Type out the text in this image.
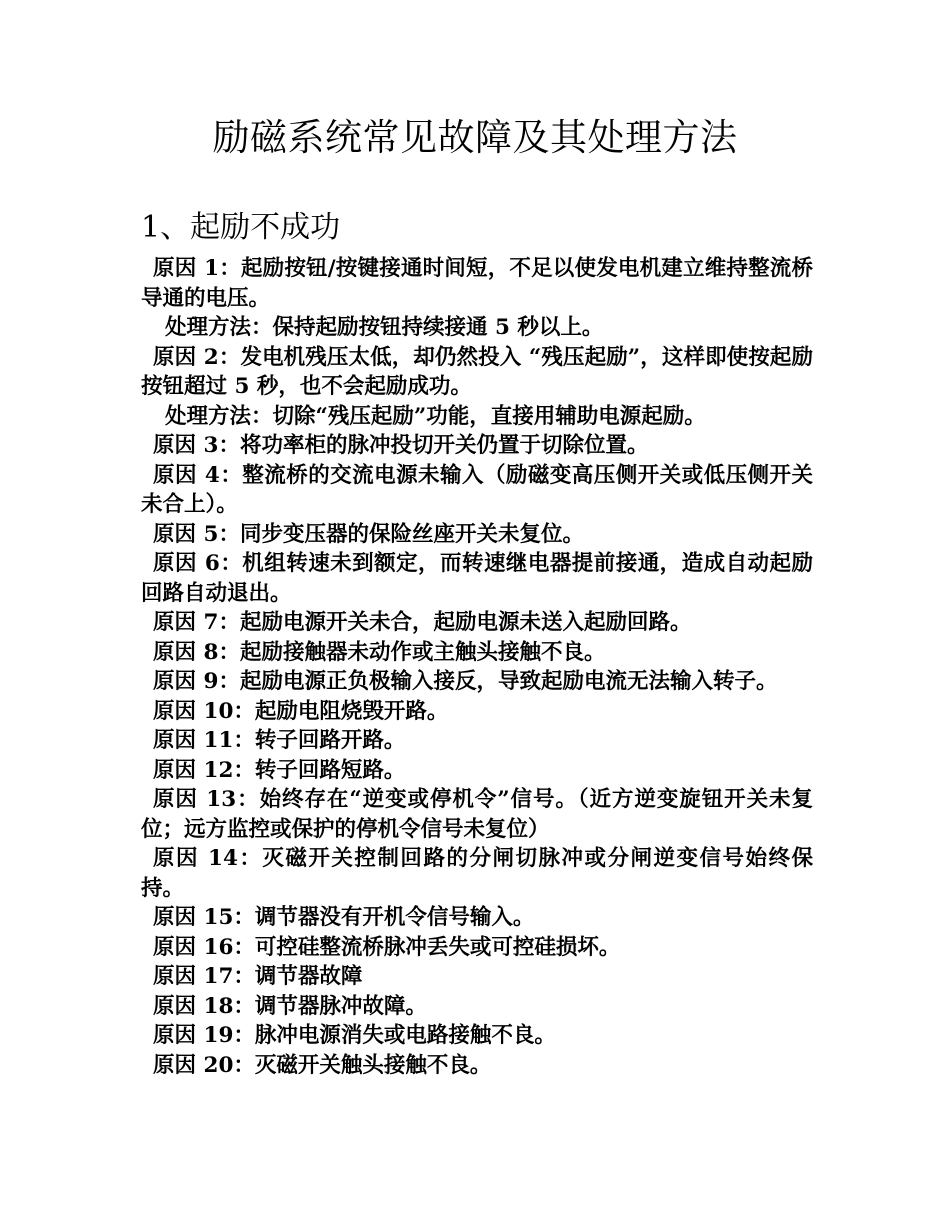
励磁系统常见故障及其处理方法
1、起励不成功

原因 1：起励按钮/按键接通时间短，不足以使发电机建立维持整流桥导通的电压。

处理方法：保持起励按钮持续接通 5 秒以上。

原因 2：发电机残压太低，却仍然投入 “残压起励”，这样即使按起励按钮超过 5 秒，也不会起励成功。

处理方法：切除“残压起励”功能，直接用辅助电源起励。

原因 3：将功率柜的脉冲投切开关仍置于切除位置。

原因 4：整流桥的交流电源未输入（励磁变高压侧开关或低压侧开关未合上）。

原因 5：同步变压器的保险丝座开关未复位。

原因 6：机组转速未到额定，而转速继电器提前接通，造成自动起励回路自动退出。

原因 7：起励电源开关未合，起励电源未送入起励回路。

原因 8：起励接触器未动作或主触头接触不良。

原因 9：起励电源正负极输入接反，导致起励电流无法输入转子。

原因 10：起励电阻烧毁开路。

原因 11：转子回路开路。

原因 12：转子回路短路。

原因 13：始终存在“逆变或停机令”信号。（近方逆变旋钮开关未复位；远方监控或保护的停机令信号未复位）

原因 14：灭磁开关控制回路的分闸切脉冲或分闸逆变信号始终保持。

原因 15：调节器没有开机令信号输入。

原因 16：可控硅整流桥脉冲丢失或可控硅损坏。

原因 17：调节器故障

原因 18：调节器脉冲故障。

原因 19：脉冲电源消失或电路接触不良。

原因 20：灭磁开关触头接触不良。
